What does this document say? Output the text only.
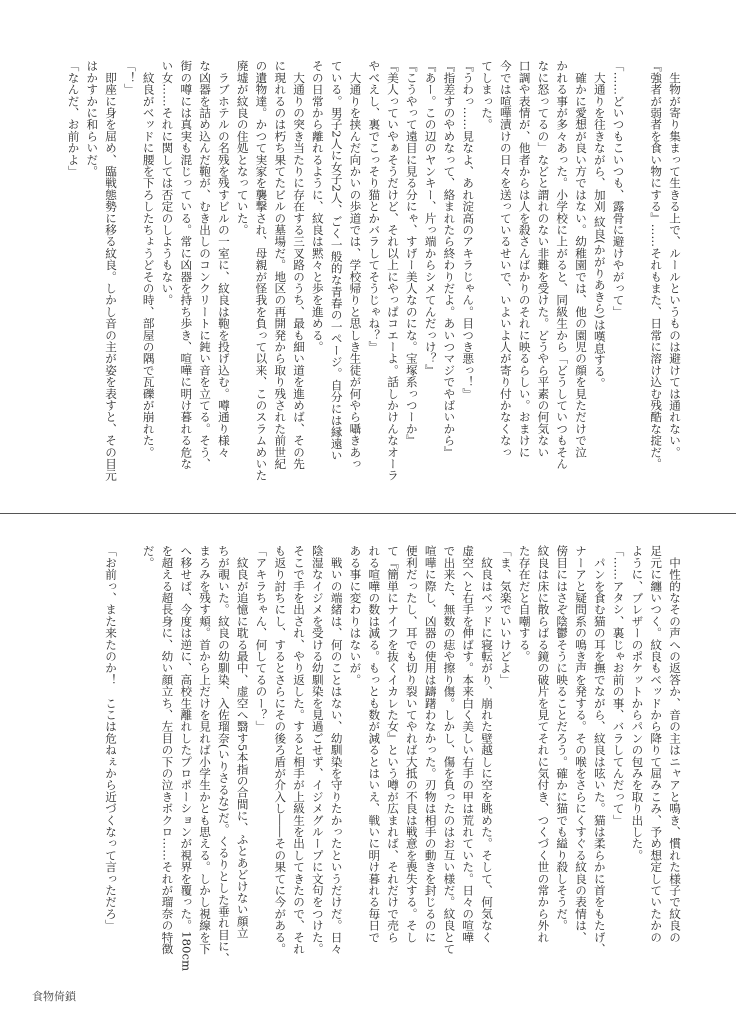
　生物が寄り集まって生きる上で、ルールというものは避けては通れない。
『強者が弱者を食い物にする』……それもまた、日常に溶け込む残酷な掟だ。
「……どいつもこいつも、露骨に避けやがって」
　大通りを往きながら、加刈 紋良(かがりあきら)は嘆息する。
　確かに愛想が良い方ではない。幼稚園では、他の園児の顔を見ただけで泣
かれる事が多々あった。小学校に上がると、同級生から「どうしていつもそん
なに怒ってるの」などと謂れのない非難を受けた。どうやら平素の何気ない
口調や表情が、他者からは人を殺さんばかりのそれに映るらしい。おまけに
今では喧嘩漬けの日々を送っているせいで、いよいよ人が寄り付かなくなっ
てしまった。
『うわっ……見なよ、あれ淀高のアキラじゃん。目つき悪っ！』
『指差すのやめなって、絡まれたら終わりだよ。あいつマジでやばいから』
『あー。この辺のヤンキー、片っ端からシメてんだっけ？』
『こうやって遠目に見る分にゃ、すげー美人なのにな。宝塚系っつーか』
『美人っていやぁそうだけど、それ以上にやっぱコエーよ。話しかけんなオーラ
やべえし、裏でこっそり猫とかバラしてそうじゃね？』
　大通りを挟んだ向かいの歩道では、学校帰りと思しき生徒が何やら囁きあっ
ている。男子2人に女子2人、ごく一般的な青春の一ページ。自分には縁遠い
その日常から離れるように、紋良は黙々と歩を進める。
　大通りの突き当たりに存在する三叉路のうち、最も細い道を進めば、その先
に現れるのは朽ち果てたビルの墓場だ。地区の再開発から取り残された前世紀
の遺物達。かつて実家を襲撃され、母親が怪我を負って以来、このスラムめいた
廃墟が紋良の住処となっていた。
　ラブホテルの名残を残すビルの一室に、紋良は鞄を投げ込む。噂通り様々
な凶器を詰め込んだ鞄が、むき出しのコンクリートに鈍い音を立てる。そう、
街の噂には真実も混じっている。常に凶器を持ち歩き、喧嘩に明け暮れる危な
い女……それに関しては否定のしようもない。
　紋良がベッドに腰を下ろしたちょうどその時、部屋の隅で瓦礫が崩れた。
「！」
　即座に身を屈め、臨戦態勢に移る紋良。しかし音の主が姿を表すと、その目元
はかすかに和らいだ。
「なんだ、お前かよ」
　中性的なその声への返答か、音の主はニャアと鳴き、慣れた様子で紋良の
足元に纏いつく。紋良もベッドから降りて屈みこみ、予め想定していたかの
ように、ブレザーのポケットからパンの包みを取り出した。
「……アタシ、裏じゃお前の事、バラしてんだって」
　パンを食む猫の耳を撫でながら、紋良は呟いた。猫は柔らかに首をもたげ、
ナーアと疑問系の鳴き声を発する。その喉をさらにくすぐる紋良の表情は、
傍目にはさぞ陰鬱そうに映ることだろう。確かに猫でも縊り殺しそうだ。
紋良は床に散らばる鏡の破片を見てそれに気付き、つくづく世の常から外れ
た存在だと自嘲する。
「ま、気楽でいいけどよ」
　紋良はベッドに寝転がり、崩れた壁越しに空を眺めた。そして、何気なく
虚空へと右手を伸ばす。本来白く美しい右手の甲は荒れていた。日々の喧嘩
で出来た、無数の痣や擦り傷。しかし、傷を負ったのはお互い様だ。紋良とて
喧嘩に際し、凶器の使用は躊躇わなかった。刃物は相手の動きを封じるのに
便利だったし、耳でも切り裂いてやれば大抵の不良は戦意を喪失する。そし
て『簡単にナイフを抜くイカレた女』という噂が広まれば、それだけで売ら
れる喧嘩の数は減る。もっとも数が減るとはいえ、戦いに明け暮れる毎日で
ある事に変わりはないが。
　戦いの端緒は、何のことはない、幼馴染を守りたかったというだけだ。日々
陰湿なイジメを受ける幼馴染を見過ごせず、イジメグループに文句をつけた。
そこで手を出され、やり返した。すると相手が上級生を出してきたので、それ
も返り討ちにし、するとさらにその後ろ盾が介入し――その果てに今がある。
「アキラちゃん、何してるのー？」
　紋良が追憶に耽る最中、虚空へ翳す5本指の合間に、ふとあどけない顔立
ちが覗いた。紋良の幼馴染、入佐瑠奈(いりさるな)だ。くるりとした垂れ目に、
まろみを残す頬。首から上だけを見れば小学生かとも思える。しかし視線を下
へ移せば、今度は逆に、高校生離れしたプロポーションが視界を覆った。180cm
を超える超長身に、幼い顔立ち、左目の下の泣きボクロ……それが瑠奈の特徴
だ。
「お前っ、また来たのか！　ここは危ねぇから近づくなって言っただろ」
食物倚鎖
